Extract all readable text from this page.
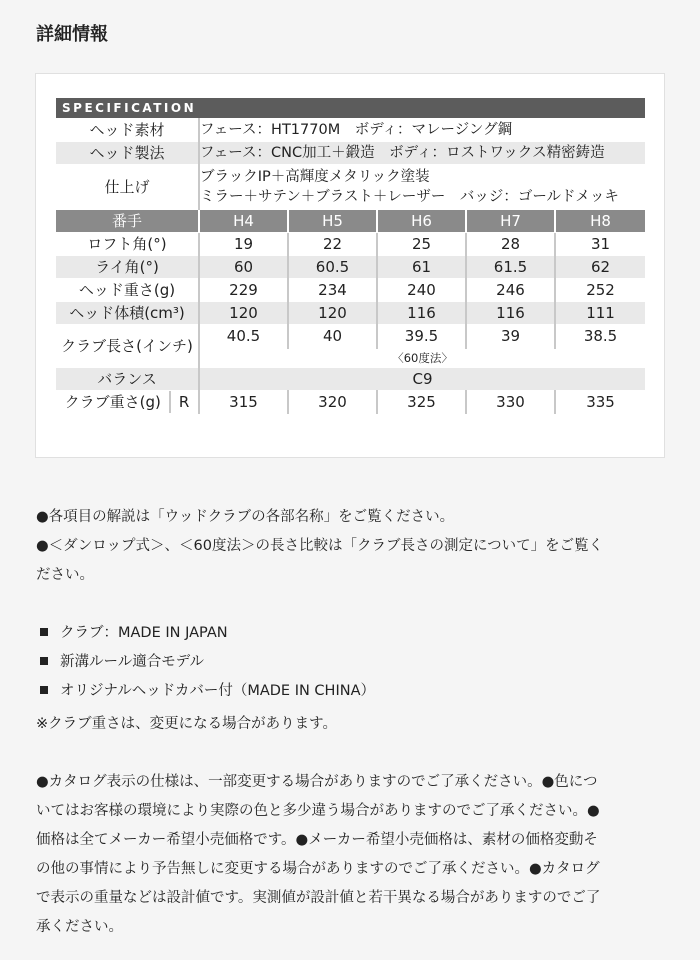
詳細情報
SPECIFICATION					
ヘッド素材	フェース：HT1770M　ボディ：マレージング鋼				
ヘッド製法	フェース：CNC加工＋鍛造　ボディ：ロストワックス精密鋳造				
仕上げ	ブラックIP＋高輝度メタリック塗装
ミラー＋サテン＋ブラスト＋レーザー　バッジ：ゴールドメッキ				

番手	H4	H5	H6	H7	H8
ロフト角(°)	19	22	25	28	31
ライ角(°)	60	60.5	61	61.5	62
ヘッド重さ(g)	229	234	240	246	252
ヘッド体積(cm³)	120	120	116	116	111
クラブ長さ(インチ)	40.5	40	39.5	39	38.5

	〈60度法〉				

バランス	C9				

クラブ重さ(g) R	315	320	325	330	335

●各項目の解説は「ウッドクラブの各部名称」をご覧ください。

●＜ダンロップ式＞、＜60度法＞の長さ比較は「クラブ長さの測定について」をご覧く

ださい。

クラブ：MADE IN JAPAN

新溝ルール適合モデル

オリジナルヘッドカバー付（MADE IN CHINA）

※クラブ重さは、変更になる場合があります。

●カタログ表示の仕様は、一部変更する場合がありますのでご了承ください。●色につ

いてはお客様の環境により実際の色と多少違う場合がありますのでご了承ください。●

価格は全てメーカー希望小売価格です。●メーカー希望小売価格は、素材の価格変動そ

の他の事情により予告無しに変更する場合がありますのでご了承ください。●カタログ

で表示の重量などは設計値です。実測値が設計値と若干異なる場合がありますのでご了

承ください。
